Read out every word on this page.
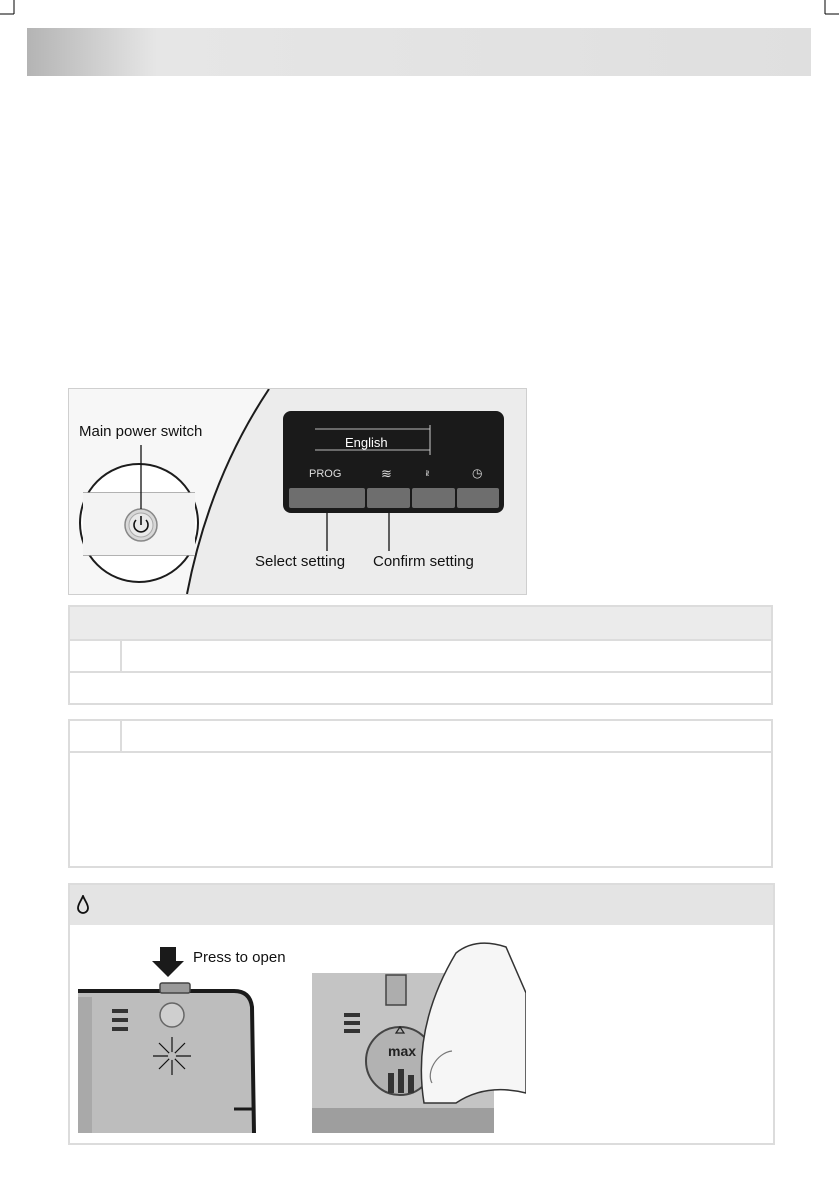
Main power switch
English
PROG	≋	≀≀	◷
Select setting Confirm setting
Press to open
max
